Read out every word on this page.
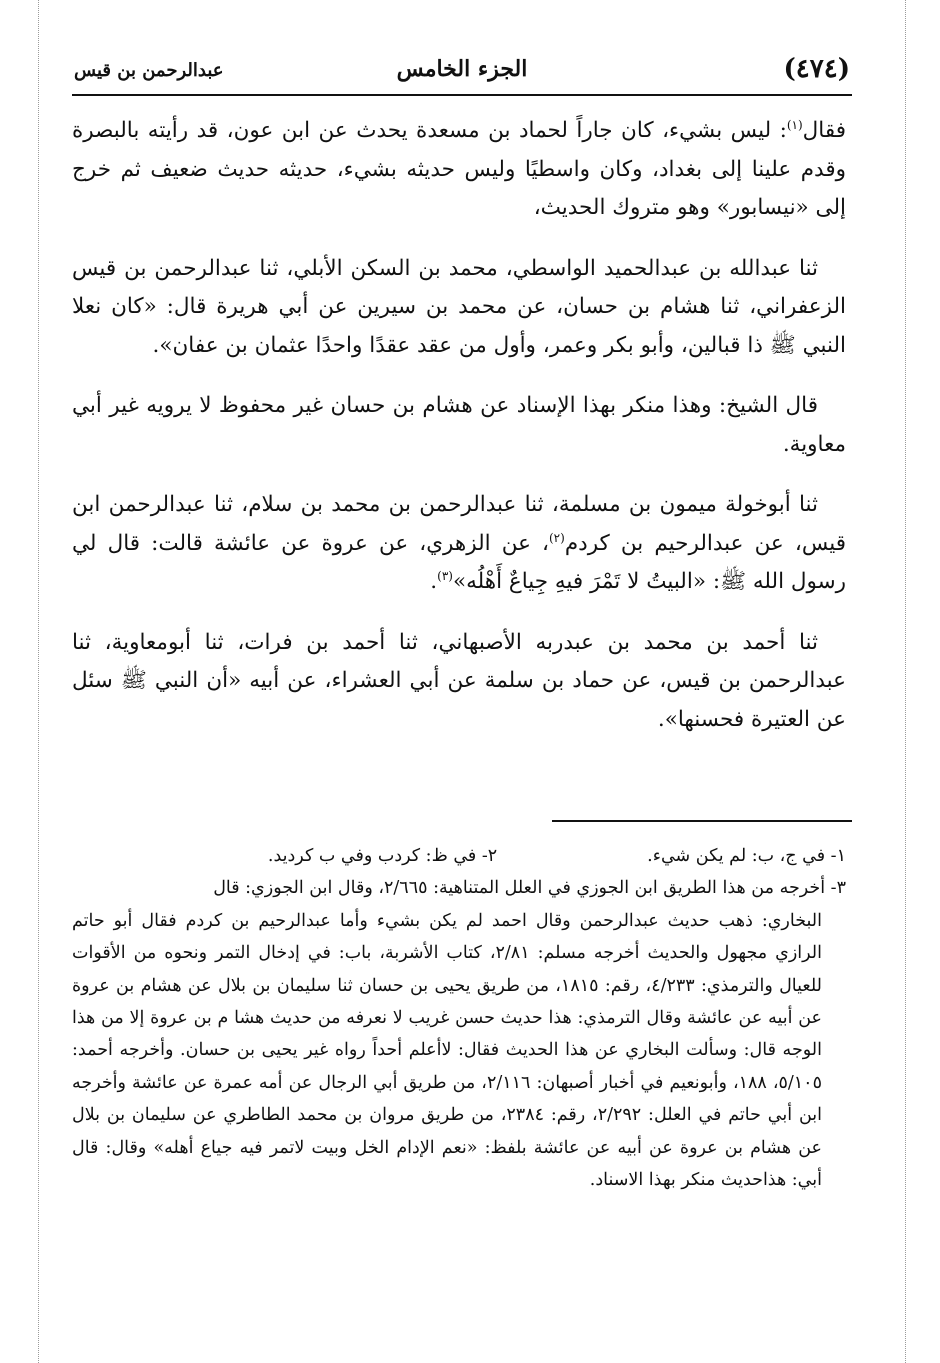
(٤٧٤)
الجزء الخامس
عبدالرحمن بن قيس

فقال$^{(١)}$: ليس بشيء، كان جاراً لحماد بن مسعدة يحدث عن ابن عون، قد رأيته بالبصرة وقدم علينا إلى بغداد، وكان واسطيًا وليس حديثه بشيء، حديثه حديث ضعيف ثم خرج إلى «نيسابور» وهو متروك الحديث،

ثنا عبدالله بن عبدالحميد الواسطي، محمد بن السكن الأبلي، ثنا عبدالرحمن بن قيس الزعفراني، ثنا هشام بن حسان، عن محمد بن سيرين عن أبي هريرة قال: «كان نعلا النبي ﷺ ذا قبالين، وأبو بكر وعمر، وأول من عقد عقدًا واحدًا عثمان بن عفان».

قال الشيخ: وهذا منكر بهذا الإسناد عن هشام بن حسان غير محفوظ لا يرويه غير أبي معاوية.

ثنا أبوخولة ميمون بن مسلمة، ثنا عبدالرحمن بن محمد بن سلام، ثنا عبدالرحمن ابن قيس، عن عبدالرحيم بن كردم$^{(٢)}$، عن الزهري، عن عروة عن عائشة قالت: قال لي رسول الله ﷺ: «البيتُ لا تَمْرَ فيهِ جِياعٌ أَهْلُه»$^{(٣)}$.

ثنا أحمد بن محمد بن عبدربه الأصبهاني، ثنا أحمد بن فرات، ثنا أبومعاوية، ثنا عبدالرحمن بن قيس، عن حماد بن سلمة عن أبي العشراء، عن أبيه «أن النبي ﷺ سئل عن العتيرة فحسنها».

١- في ج، ب: لم يكن شيء.
٢- في ظ: كردب وفي ب كرديد.

٣- أخرجه من هذا الطريق ابن الجوزي في العلل المتناهية: ٢/٦٦٥، وقال ابن الجوزي: قال
البخاري: ذهب حديث عبدالرحمن وقال احمد لم يكن بشيء وأما عبدالرحيم بن كردم فقال أبو حاتم الرازي مجهول والحديث أخرجه مسلم: ٢/٨١، كتاب الأشربة، باب: في إدخال التمر ونحوه من الأقوات للعيال والترمذي: ٤/٢٣٣، رقم: ١٨١٥، من طريق يحيى بن حسان ثنا سليمان بن بلال عن هشام بن عروة عن أبيه عن عائشة وقال الترمذي: هذا حديث حسن غريب لا نعرفه من حديث هشا م بن عروة إلا من هذا الوجه قال: وسألت البخاري عن هذا الحديث فقال: لاأعلم أحداً رواه غير يحيى بن حسان. وأخرجه أحمد: ٥/١٠٥، ١٨٨، وأبونعيم في أخبار أصبهان: ٢/١١٦، من طريق أبي الرجال عن أمه عمرة عن عائشة وأخرجه ابن أبي حاتم في العلل: ٢/٢٩٢، رقم: ٢٣٨٤، من طريق مروان بن محمد الطاطري عن سليمان بن بلال عن هشام بن عروة عن أبيه عن عائشة بلفظ: «نعم الإدام الخل وبيت لاتمر فيه جياع أهله» وقال: قال أبي: هذاحديث منكر بهذا الاسناد.
